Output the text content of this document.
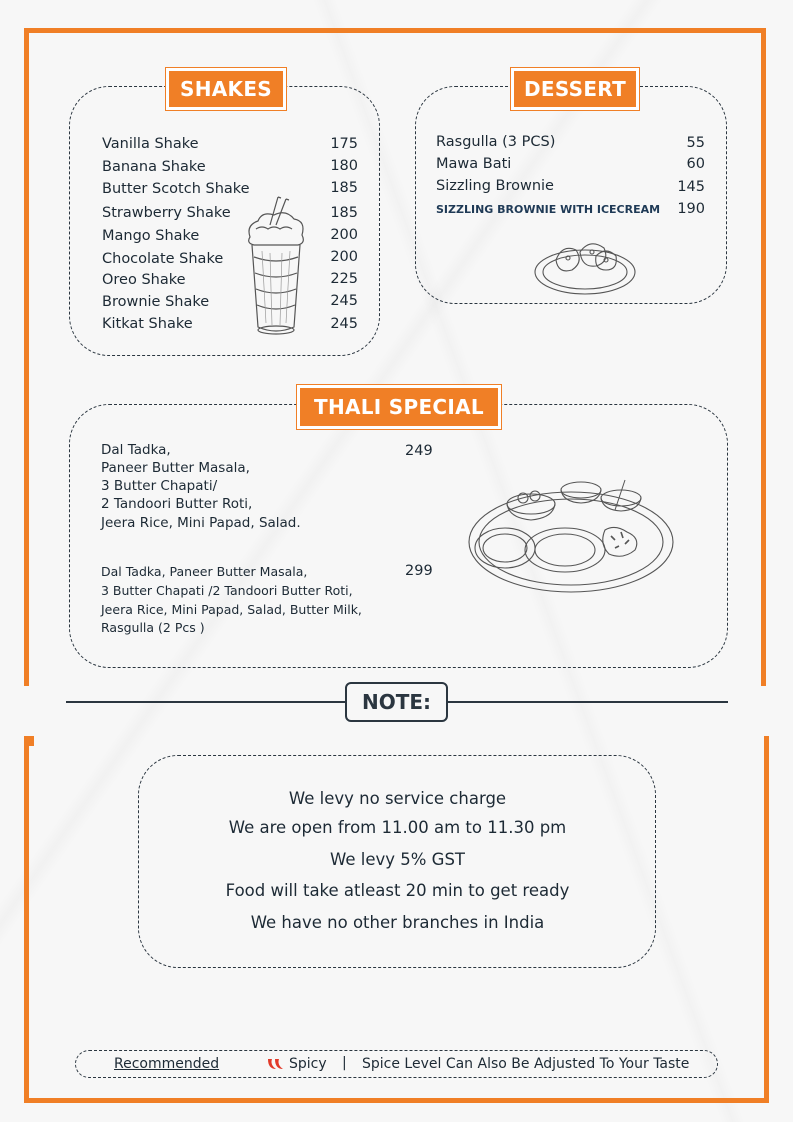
SHAKES
Vanilla Shake	175
Banana Shake	180
Butter Scotch Shake	185
Strawberry Shake	185
Mango Shake	200
Chocolate Shake	200
Oreo Shake	225
Brownie Shake	245
Kitkat Shake	245
DESSERT
Rasgulla (3 PCS)	55
Mawa Bati	60
Sizzling Brownie	145
SIZZLING BROWNIE WITH ICECREAM	190
THALI SPECIAL
Dal Tadka,
Paneer Butter Masala,
3 Butter Chapati/
2 Tandoori Butter Roti,
Jeera Rice, Mini Papad, Salad.
249
Dal Tadka, Paneer Butter Masala,
3 Butter Chapati /2 Tandoori Butter Roti,
Jeera Rice, Mini Papad, Salad, Butter Milk,
Rasgulla (2 Pcs )
299
NOTE:
We levy no service charge
We are open from 11.00 am to 11.30 pm
We levy 5% GST
Food will take atleast 20 min to get ready
We have no other branches in India
Recommended	Spicy | Spice Level Can Also Be Adjusted To Your Taste
